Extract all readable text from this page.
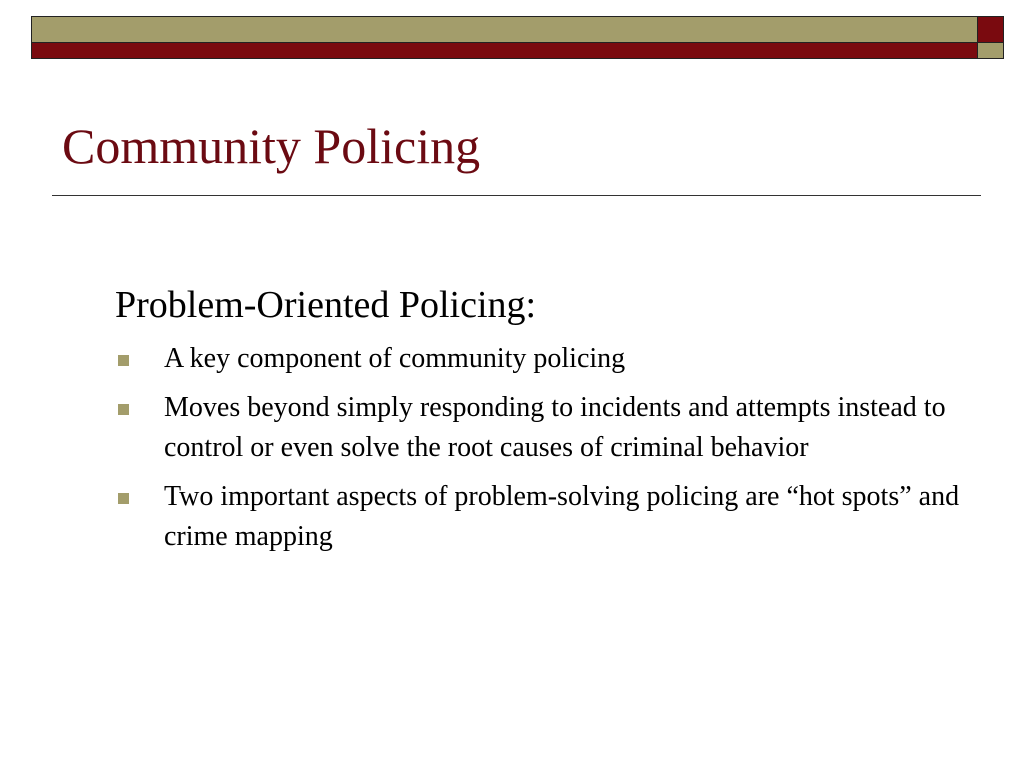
Community Policing
Problem-Oriented Policing:
A key component of community policing
Moves beyond simply responding to incidents and attempts instead to control or even solve the root causes of criminal behavior
Two important aspects of problem-solving policing are “hot spots” and crime mapping
